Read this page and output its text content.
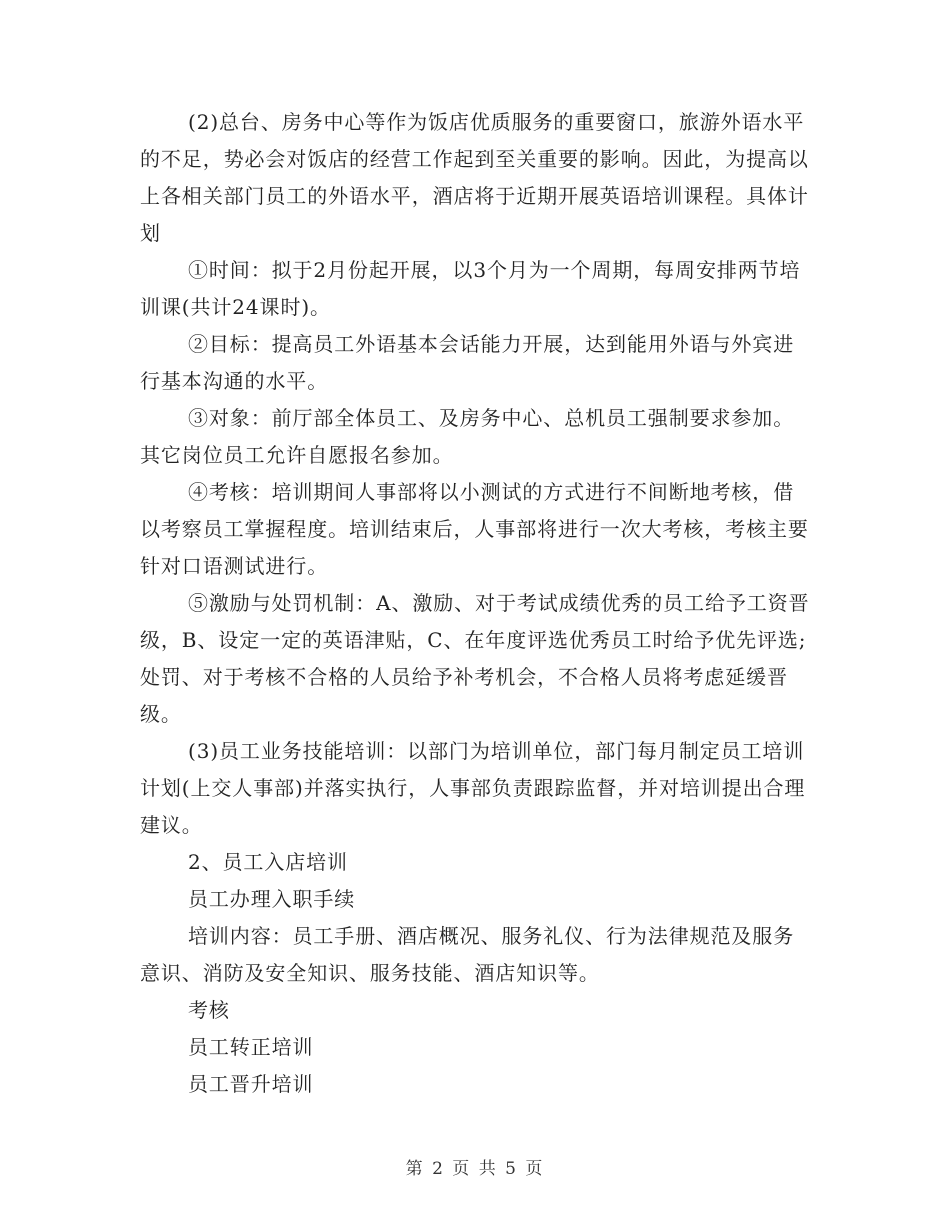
(2)总台、房务中心等作为饭店优质服务的重要窗口，旅游外语水平的不足，势必会对饭店的经营工作起到至关重要的影响。因此，为提高以上各相关部门员工的外语水平，酒店将于近期开展英语培训课程。具体计划

①时间：拟于2月份起开展，以3个月为一个周期，每周安排两节培训课(共计24课时)。

②目标：提高员工外语基本会话能力开展，达到能用外语与外宾进行基本沟通的水平。

③对象：前厅部全体员工、及房务中心、总机员工强制要求参加。其它岗位员工允许自愿报名参加。

④考核：培训期间人事部将以小测试的方式进行不间断地考核，借以考察员工掌握程度。培训结束后，人事部将进行一次大考核，考核主要针对口语测试进行。

⑤激励与处罚机制：A、激励、对于考试成绩优秀的员工给予工资晋级，B、设定一定的英语津贴，C、在年度评选优秀员工时给予优先评选;处罚、对于考核不合格的人员给予补考机会，不合格人员将考虑延缓晋级。

(3)员工业务技能培训：以部门为培训单位，部门每月制定员工培训计划(上交人事部)并落实执行，人事部负责跟踪监督，并对培训提出合理建议。

2、员工入店培训

员工办理入职手续

培训内容：员工手册、酒店概况、服务礼仪、行为法律规范及服务意识、消防及安全知识、服务技能、酒店知识等。

考核

员工转正培训

员工晋升培训

第 2 页 共 5 页
